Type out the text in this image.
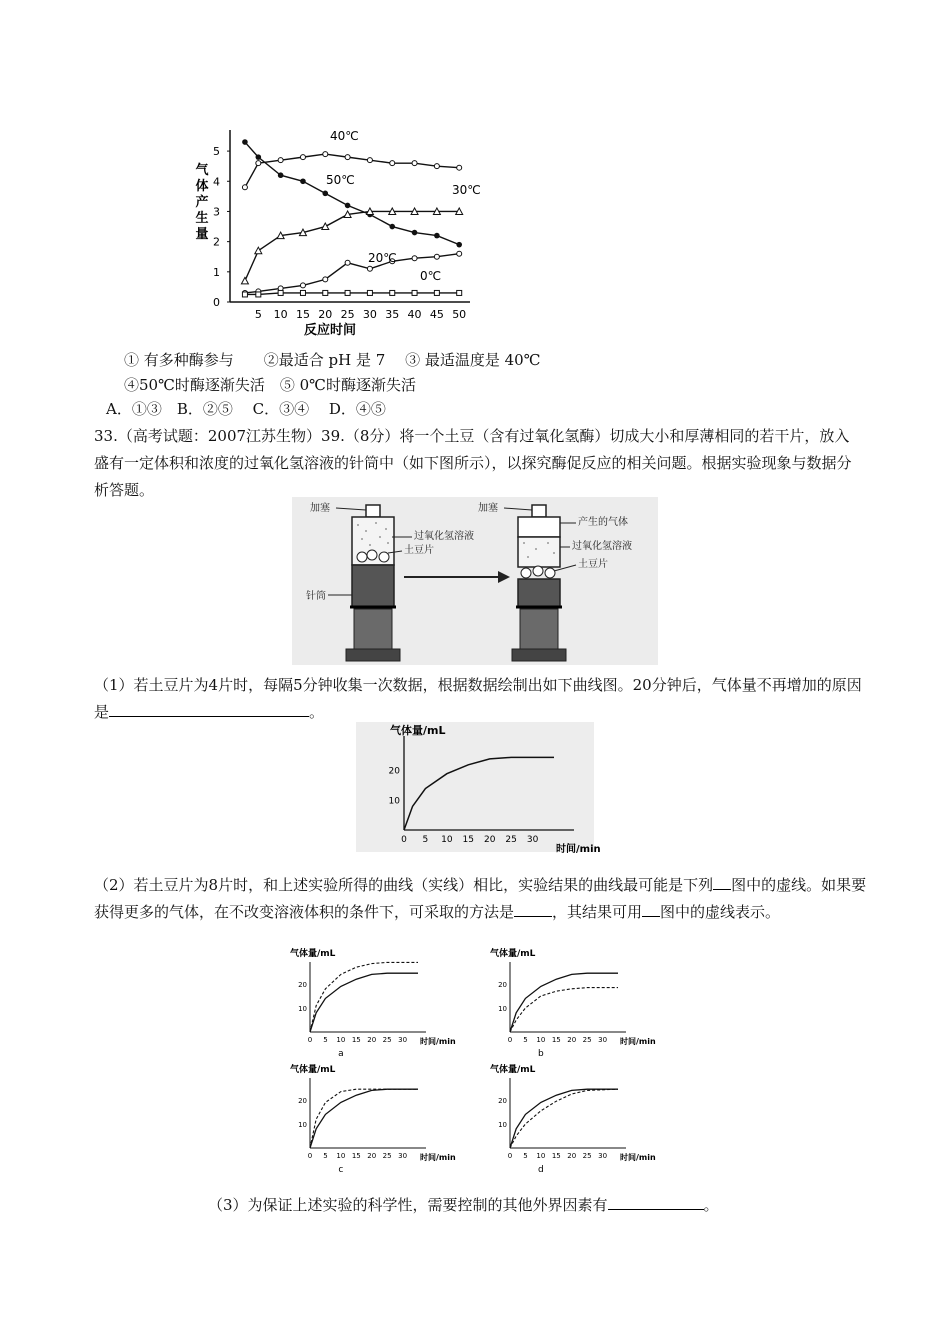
气体产生量
40℃
50℃
30℃
20℃
0℃
0
1
2
3
4
5
5 10 15 20 25 30 35 40 45 50
反应时间
① 有多种酶参与　　②最适合 pH 是 7　 ③ 最适温度是 40℃
④50℃时酶逐渐失活　⑤ 0℃时酶逐渐失活
A．①③　B．②⑤　 C．③④　 D．④⑤
33.（高考试题：2007江苏生物）39.（8分）将一个土豆（含有过氧化氢酶）切成大小和厚薄相同的若干片，放入盛有一定体积和浓度的过氧化氢溶液的针筒中（如下图所示），以探究酶促反应的相关问题。根据实验现象与数据分析答题。
加塞
过氧化氢溶液
土豆片
针筒
加塞
产生的气体
过氧化氢溶液
土豆片
（1）若土豆片为4片时，每隔5分钟收集一次数据，根据数据绘制出如下曲线图。20分钟后，气体量不再增加的原因是	。
气体量/mL
0 5 10 15 20 25 30
10
20
时间/min
（2）若土豆片为8片时，和上述实验所得的曲线（实线）相比，实验结果的曲线最可能是下列 图中的虚线。如果要获得更多的气体，在不改变溶液体积的条件下，可采取的方法是	，其结果可用 图中的虚线表示。
气体量/mL
0 5 10 15 20 25 30
10
20
时间/min
a
气体量/mL
0 5 10 15 20 25 30
10
20
时间/min
b
气体量/mL
0 5 10 15 20 25 30
10
20
时间/min
c
气体量/mL
0 5 10 15 20 25 30
10
20
时间/min
d
（3）为保证上述实验的科学性，需要控制的其他外界因素有	。
